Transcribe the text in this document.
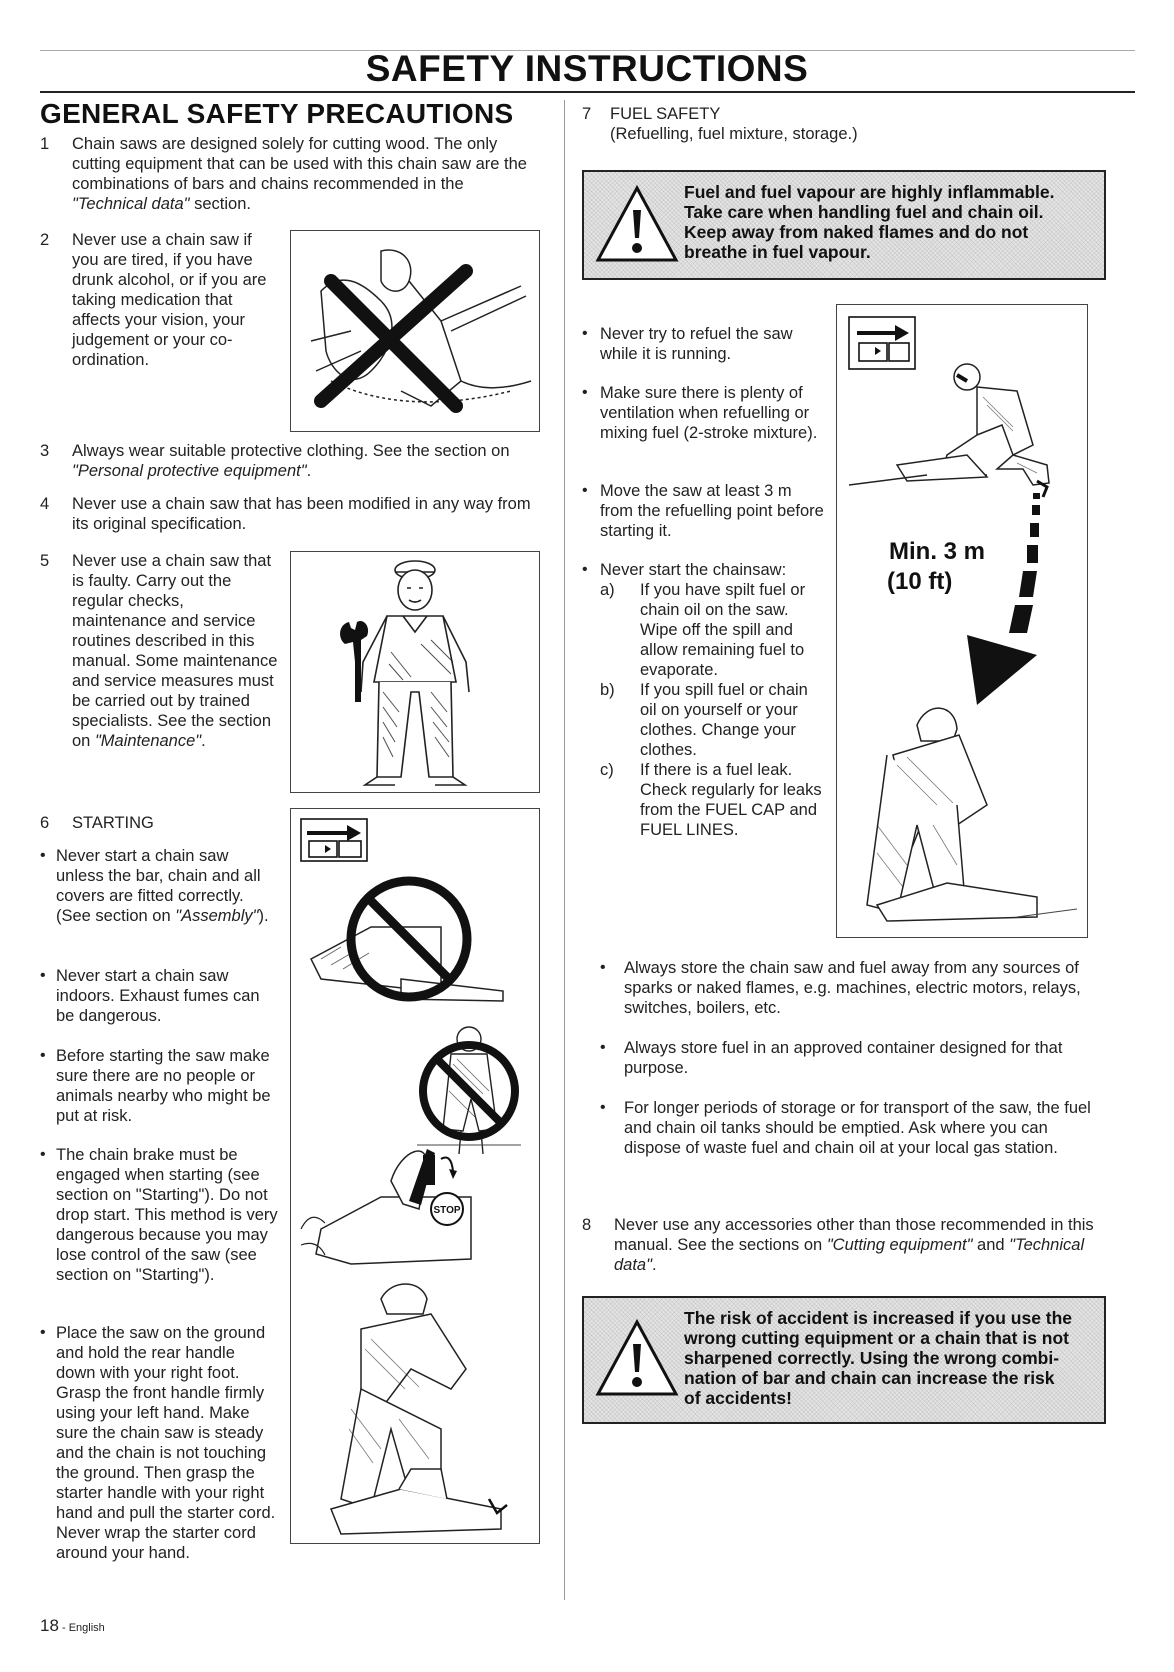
SAFETY INSTRUCTIONS
GENERAL SAFETY PRECAUTIONS
1 Chain saws are designed solely for cutting wood. The only cutting equipment that can be used with this chain saw are the combinations of bars and chains recommended in the "Technical data" section.
2 Never use a chain saw if you are tired, if you have drunk alcohol, or if you are taking medication that affects your vision, your judgement or your co-ordination.
3 Always wear suitable protective clothing. See the section on "Personal protective equipment".
4 Never use a chain saw that has been modified in any way from its original specification.
5 Never use a chain saw that is faulty. Carry out the regular checks, maintenance and service routines described in this manual. Some maintenance and service measures must be carried out by trained specialists. See the section on "Maintenance".
6 STARTING
STOP
• Never start a chain saw unless the bar, chain and all covers are fitted correctly. (See section on "Assembly").
• Never start a chain saw indoors. Exhaust fumes can be dangerous.
• Before starting the saw make sure there are no people or animals nearby who might be put at risk.
• The chain brake must be engaged when starting (see section on "Starting"). Do not drop start. This method is very dangerous because you may lose control of the saw (see section on "Starting").
• Place the saw on the ground and hold the rear handle down with your right foot. Grasp the front handle firmly using your left hand. Make sure the chain saw is steady and the chain is not touching the ground. Then grasp the starter handle with your right hand and pull the starter cord. Never wrap the starter cord around your hand.
18 - English
7 FUEL SAFETY
(Refuelling, fuel mixture, storage.)
Fuel and fuel vapour are highly inflammable.
Take care when handling fuel and chain oil.
Keep away from naked flames and do not
breathe in fuel vapour.
Min. 3 m
(10 ft)
• Never try to refuel the saw while it is running.
• Make sure there is plenty of ventilation when refuelling or mixing fuel (2-stroke mixture).
• Move the saw at least 3 m from the refuelling point before starting it.
• Never start the chainsaw:
a) If you have spilt fuel or chain oil on the saw. Wipe off the spill and allow remaining fuel to evaporate.
b) If you spill fuel or chain oil on yourself or your clothes. Change your clothes.
c) If there is a fuel leak. Check regularly for leaks from the FUEL CAP and FUEL LINES.
• Always store the chain saw and fuel away from any sources of sparks or naked flames, e.g. machines, electric motors, relays, switches, boilers, etc.
• Always store fuel in an approved container designed for that purpose.
• For longer periods of storage or for transport of the saw, the fuel and chain oil tanks should be emptied. Ask where you can dispose of waste fuel and chain oil at your local gas station.
8 Never use any accessories other than those recommended in this manual. See the sections on "Cutting equipment" and "Technical data".
The risk of accident is increased if you use the
wrong cutting equipment or a chain that is not
sharpened correctly. Using the wrong combi-
nation of bar and chain can increase the risk
of accidents!
